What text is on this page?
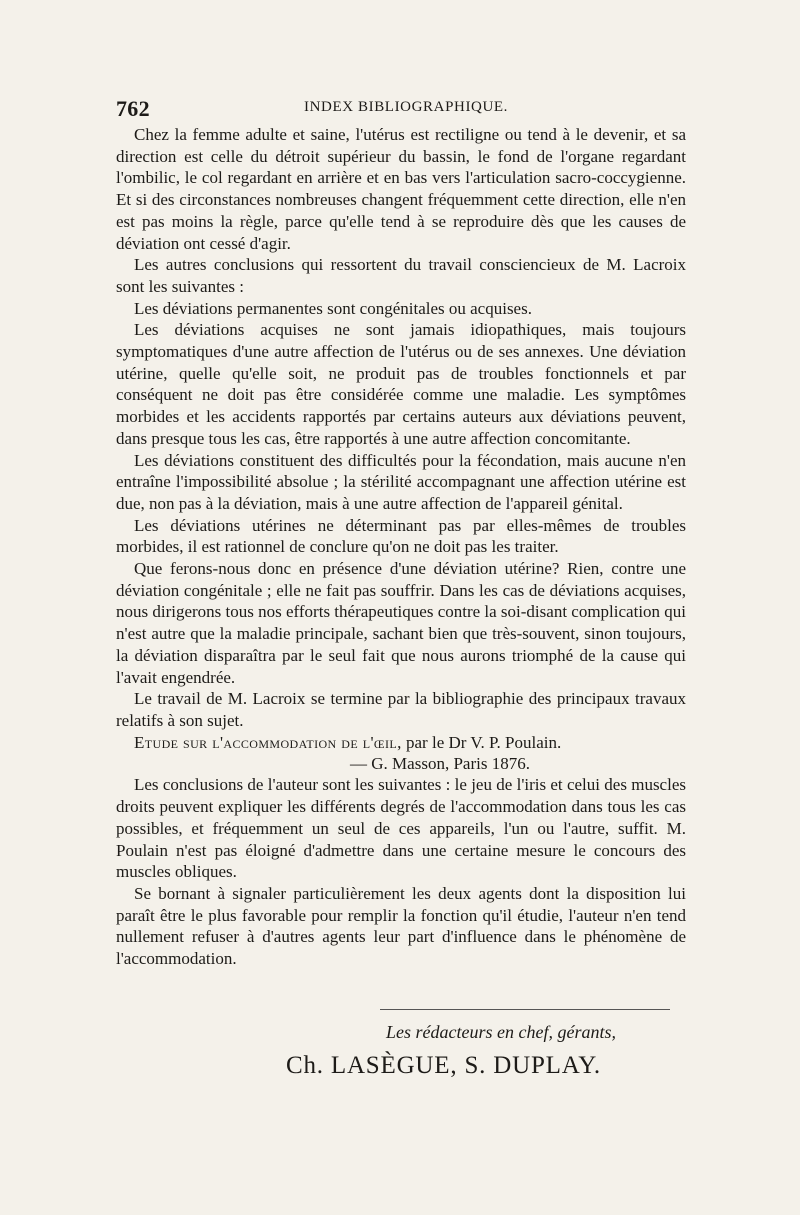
762	INDEX BIBLIOGRAPHIQUE.

Chez la femme adulte et saine, l'utérus est rectiligne ou tend à le devenir, et sa direction est celle du détroit supérieur du bassin, le fond de l'organe regardant l'ombilic, le col regardant en arrière et en bas vers l'articulation sacro-coccygienne. Et si des circonstances nombreuses changent fréquemment cette direction, elle n'en est pas moins la règle, parce qu'elle tend à se reproduire dès que les causes de déviation ont cessé d'agir.

Les autres conclusions qui ressortent du travail consciencieux de M. Lacroix sont les suivantes :

Les déviations permanentes sont congénitales ou acquises.

Les déviations acquises ne sont jamais idiopathiques, mais toujours symptomatiques d'une autre affection de l'utérus ou de ses annexes. Une déviation utérine, quelle qu'elle soit, ne produit pas de troubles fonctionnels et par conséquent ne doit pas être considérée comme une maladie. Les symptômes morbides et les accidents rapportés par certains auteurs aux déviations peuvent, dans presque tous les cas, être rapportés à une autre affection concomitante.

Les déviations constituent des difficultés pour la fécondation, mais aucune n'en entraîne l'impossibilité absolue ; la stérilité accompagnant une affection utérine est due, non pas à la déviation, mais à une autre affection de l'appareil génital.

Les déviations utérines ne déterminant pas par elles-mêmes de troubles morbides, il est rationnel de conclure qu'on ne doit pas les traiter.

Que ferons-nous donc en présence d'une déviation utérine? Rien, contre une déviation congénitale ; elle ne fait pas souffrir. Dans les cas de déviations acquises, nous dirigerons tous nos efforts thérapeutiques contre la soi-disant complication qui n'est autre que la maladie principale, sachant bien que très-souvent, sinon toujours, la déviation disparaîtra par le seul fait que nous aurons triomphé de la cause qui l'avait engendrée.

Le travail de M. Lacroix se termine par la bibliographie des principaux travaux relatifs à son sujet.

Etude sur l'accommodation de l'œil, par le Dr V. P. Poulain.

— G. Masson, Paris 1876.

Les conclusions de l'auteur sont les suivantes : le jeu de l'iris et celui des muscles droits peuvent expliquer les différents degrés de l'accommodation dans tous les cas possibles, et fréquemment un seul de ces appareils, l'un ou l'autre, suffit. M. Poulain n'est pas éloigné d'admettre dans une certaine mesure le concours des muscles obliques.

Se bornant à signaler particulièrement les deux agents dont la disposition lui paraît être le plus favorable pour remplir la fonction qu'il étudie, l'auteur n'en tend nullement refuser à d'autres agents leur part d'influence dans le phénomène de l'accommodation.

Les rédacteurs en chef, gérants,
Ch. LASÈGUE, S. DUPLAY.
